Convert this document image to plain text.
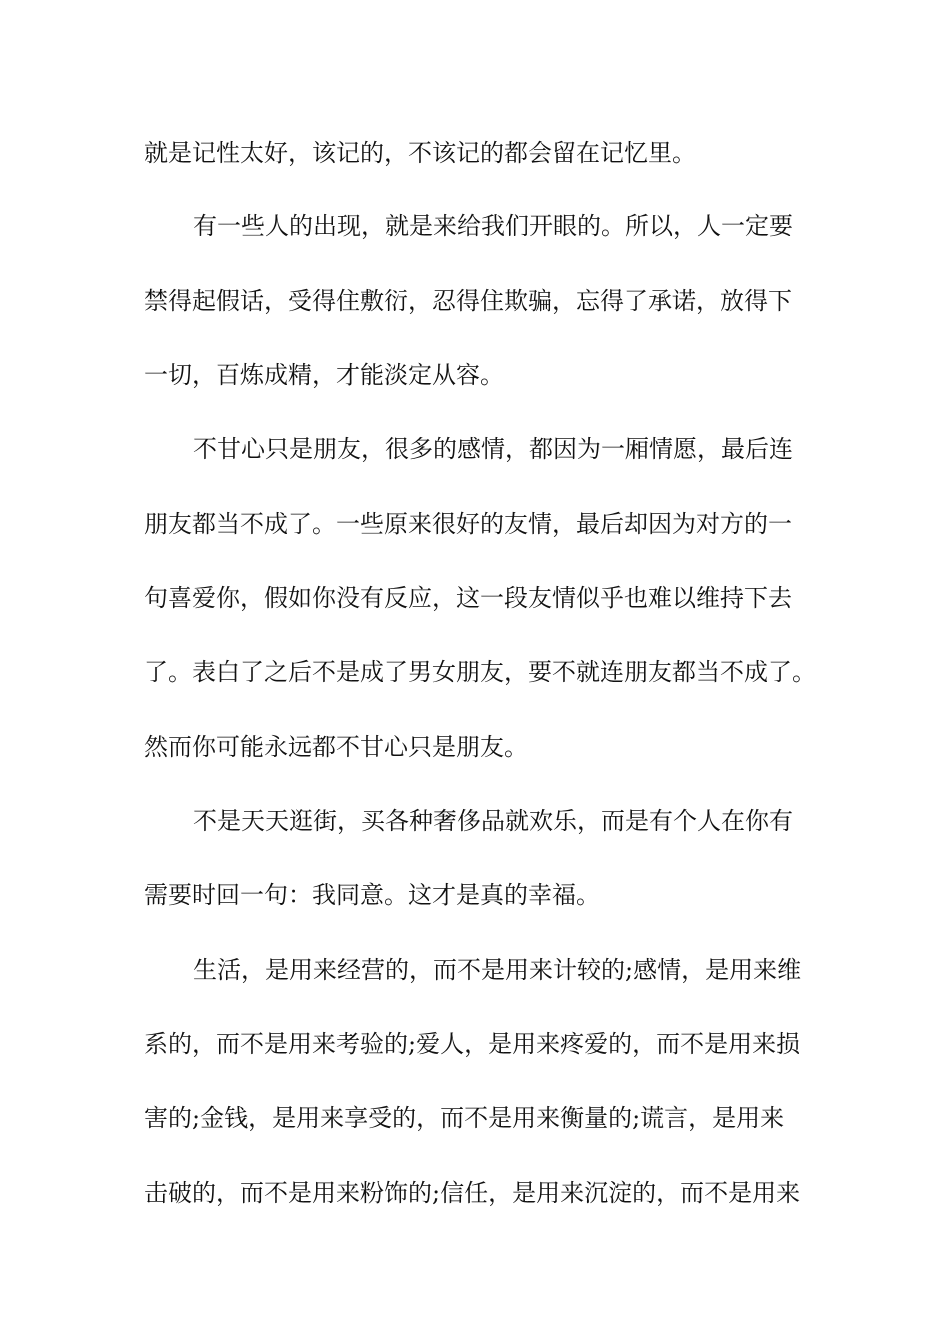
就是记性太好，该记的，不该记的都会留在记忆里。
有一些人的出现，就是来给我们开眼的。所以，人一定要
禁得起假话，受得住敷衍，忍得住欺骗，忘得了承诺，放得下
一切，百炼成精，才能淡定从容。
不甘心只是朋友，很多的感情，都因为一厢情愿，最后连
朋友都当不成了。一些原来很好的友情，最后却因为对方的一
句喜爱你，假如你没有反应，这一段友情似乎也难以维持下去
了。表白了之后不是成了男女朋友，要不就连朋友都当不成了。
然而你可能永远都不甘心只是朋友。
不是天天逛街，买各种奢侈品就欢乐，而是有个人在你有
需要时回一句：我同意。这才是真的幸福。
生活，是用来经营的，而不是用来计较的;感情，是用来维
系的，而不是用来考验的;爱人，是用来疼爱的，而不是用来损
害的;金钱，是用来享受的，而不是用来衡量的;谎言，是用来
击破的，而不是用来粉饰的;信任，是用来沉淀的，而不是用来
